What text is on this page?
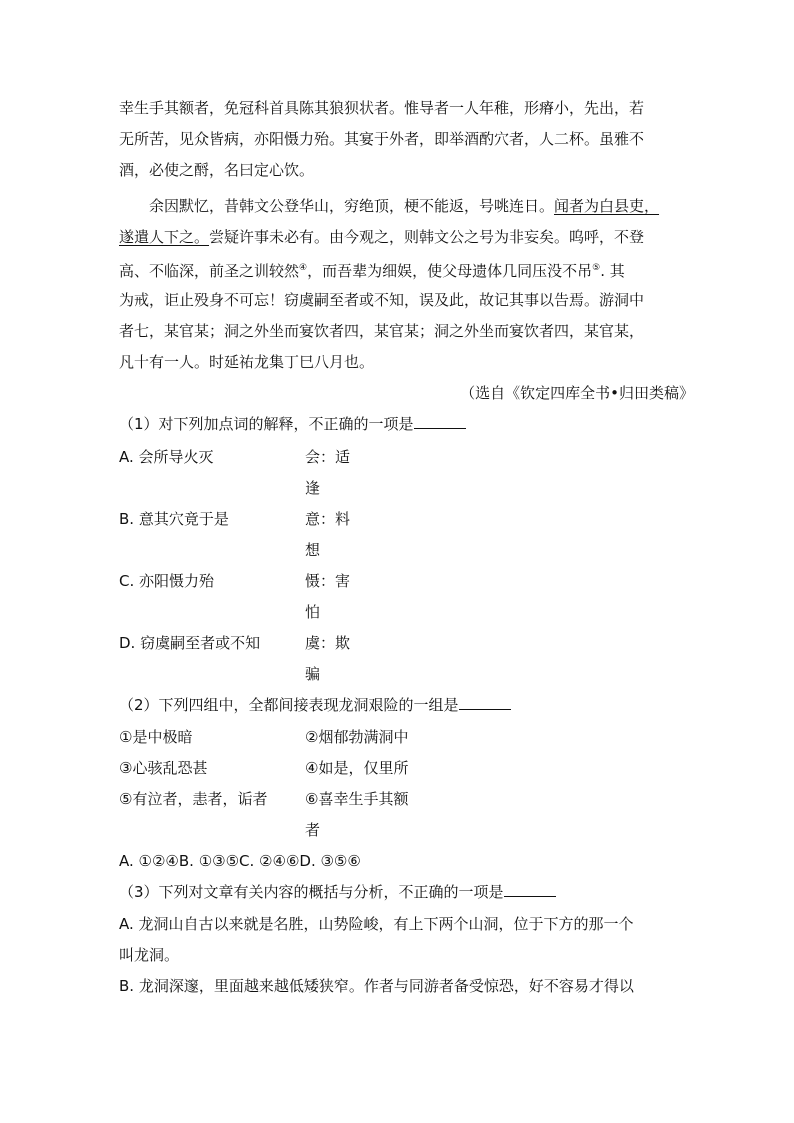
幸生手其额者，免冠科首具陈其狼狈状者。惟导者一人年稚，形瘠小，先出，若
无所苦，见众皆病，亦阳慑力殆。其宴于外者，即举酒酌穴者，人二杯。虽雅不
酒，必使之酹，名曰定心饮。
余因默忆，昔韩文公登华山，穷绝顶，梗不能返，号咷连日。闻者为白县吏，
遂遣人下之。尝疑许事未必有。由今观之，则韩文公之号为非妄矣。呜呼，不登
高、不临深，前圣之训较然④，而吾辈为细娱，使父母遗体几同压没不吊⑤. 其
为戒，讵止殁身不可忘！窃虞嗣至者或不知，误及此，故记其事以告焉。游洞中
者七，某官某；洞之外坐而宴饮者四，某官某；洞之外坐而宴饮者四，某官某，
凡十有一人。时延祐龙集丁巳八月也。
（选自《钦定四库全书•归田类稿》
（1）对下列加点词的解释，不正确的一项是
A. 会所导火灭	会：适
逢
B. 意其穴竟于是	意：料
想
C. 亦阳慑力殆	慑：害
怕
D. 窃虞嗣至者或不知	虞：欺
骗
（2）下列四组中，全都间接表现龙洞艰险的一组是
①是中极暗	②烟郁勃满洞中
③心骇乱恐甚	④如是，仅里所
⑤有泣者，恚者，诟者	⑥喜幸生手其额
者
A. ①②④B. ①③⑤C. ②④⑥D. ③⑤⑥
（3）下列对文章有关内容的概括与分析，不正确的一项是
A. 龙洞山自古以来就是名胜，山势险峻，有上下两个山洞，位于下方的那一个
叫龙洞。
B. 龙洞深邃，里面越来越低矮狭窄。作者与同游者备受惊恐，好不容易才得以
